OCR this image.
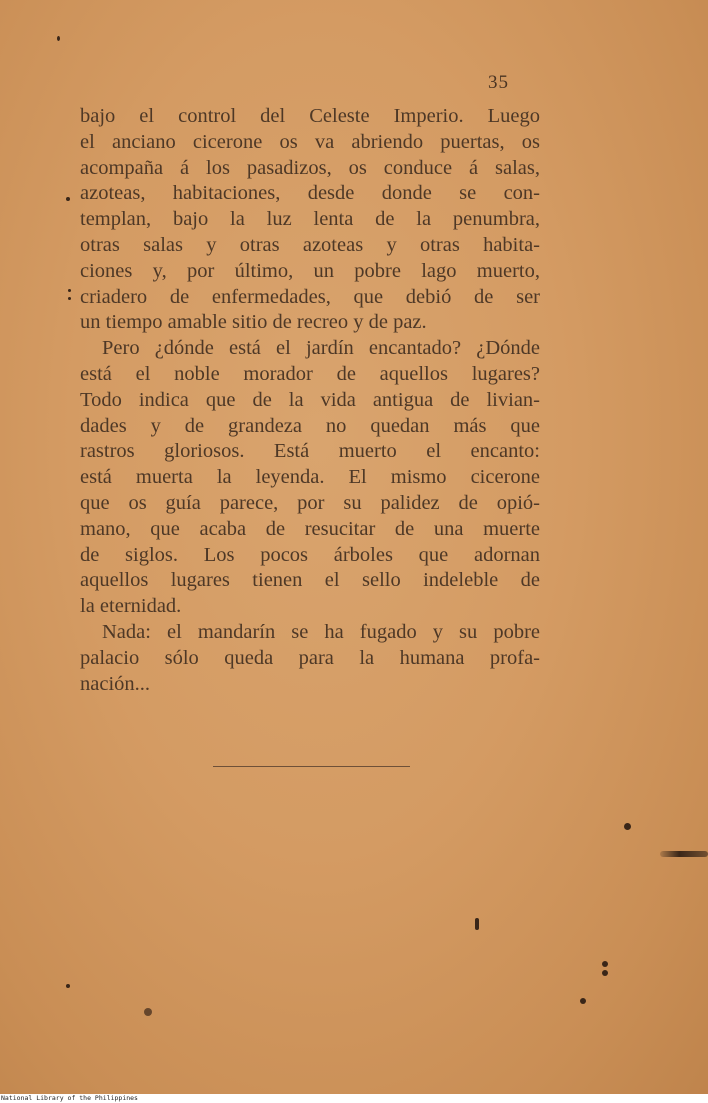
35
bajo el control del Celeste Imperio. Luego
el anciano cicerone os va abriendo puertas, os
acompaña á los pasadizos, os conduce á salas,
azoteas, habitaciones, desde donde se con-
templan, bajo la luz lenta de la penumbra,
otras salas y otras azoteas y otras habita-
ciones y, por último, un pobre lago muerto,
criadero de enfermedades, que debió de ser
un tiempo amable sitio de recreo y de paz.
Pero ¿dónde está el jardín encantado? ¿Dónde
está el noble morador de aquellos lugares?
Todo indica que de la vida antigua de livian-
dades y de grandeza no quedan más que
rastros gloriosos. Está muerto el encanto:
está muerta la leyenda. El mismo cicerone
que os guía parece, por su palidez de opió-
mano, que acaba de resucitar de una muerte
de siglos. Los pocos árboles que adornan
aquellos lugares tienen el sello indeleble de
la eternidad.
Nada: el mandarín se ha fugado y su pobre
palacio sólo queda para la humana profa-
nación...
National Library of the Philippines
